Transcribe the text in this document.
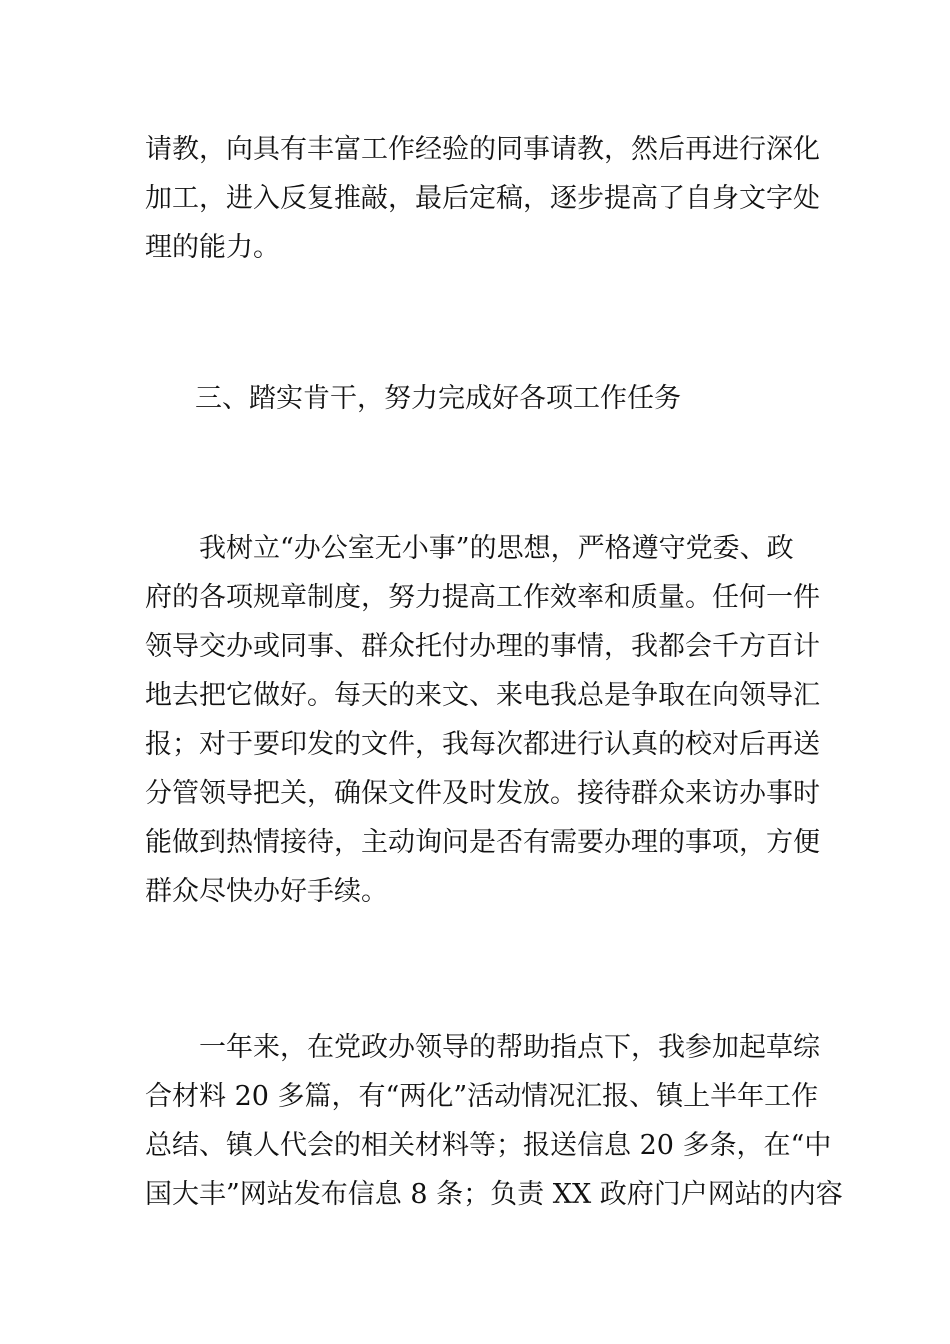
请教，向具有丰富工作经验的同事请教，然后再进行深化

加工，进入反复推敲，最后定稿，逐步提高了自身文字处

理的能力。

三、踏实肯干，努力完成好各项工作任务

我树立“办公室无小事”的思想，严格遵守党委、政

府的各项规章制度，努力提高工作效率和质量。任何一件

领导交办或同事、群众托付办理的事情，我都会千方百计

地去把它做好。每天的来文、来电我总是争取在向领导汇

报；对于要印发的文件，我每次都进行认真的校对后再送

分管领导把关，确保文件及时发放。接待群众来访办事时

能做到热情接待，主动询问是否有需要办理的事项，方便

群众尽快办好手续。

一年来，在党政办领导的帮助指点下，我参加起草综

合材料 20 多篇，有“两化”活动情况汇报、镇上半年工作

总结、镇人代会的相关材料等；报送信息 20 多条，在“中

国大丰”网站发布信息 8 条；负责 XX 政府门户网站的内容
